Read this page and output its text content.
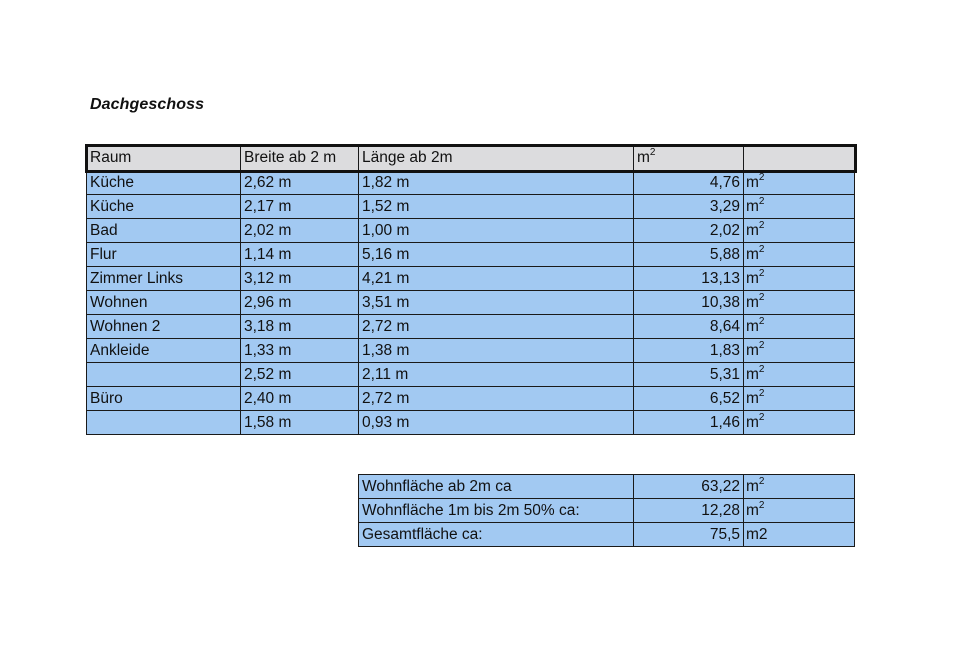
Dachgeschoss
Raum	Breite ab 2 m	Länge ab 2m	$m^2$	
Küche	2,62 m	1,82 m	4,76	$m^2$
Küche	2,17 m	1,52 m	3,29	$m^2$
Bad	2,02 m	1,00 m	2,02	$m^2$
Flur	1,14 m	5,16 m	5,88	$m^2$
Zimmer Links	3,12 m	4,21 m	13,13	$m^2$
Wohnen	2,96 m	3,51 m	10,38	$m^2$
Wohnen 2	3,18 m	2,72 m	8,64	$m^2$
Ankleide	1,33 m	1,38 m	1,83	$m^2$
	2,52 m	2,11 m	5,31	$m^2$
Büro	2,40 m	2,72 m	6,52	$m^2$
	1,58 m	0,93 m	1,46	$m^2$
Wohnfläche ab 2m ca	63,22	$m^2$
Wohnfläche 1m bis 2m 50% ca:	12,28	$m^2$
Gesamtfläche ca:	75,5	m2
